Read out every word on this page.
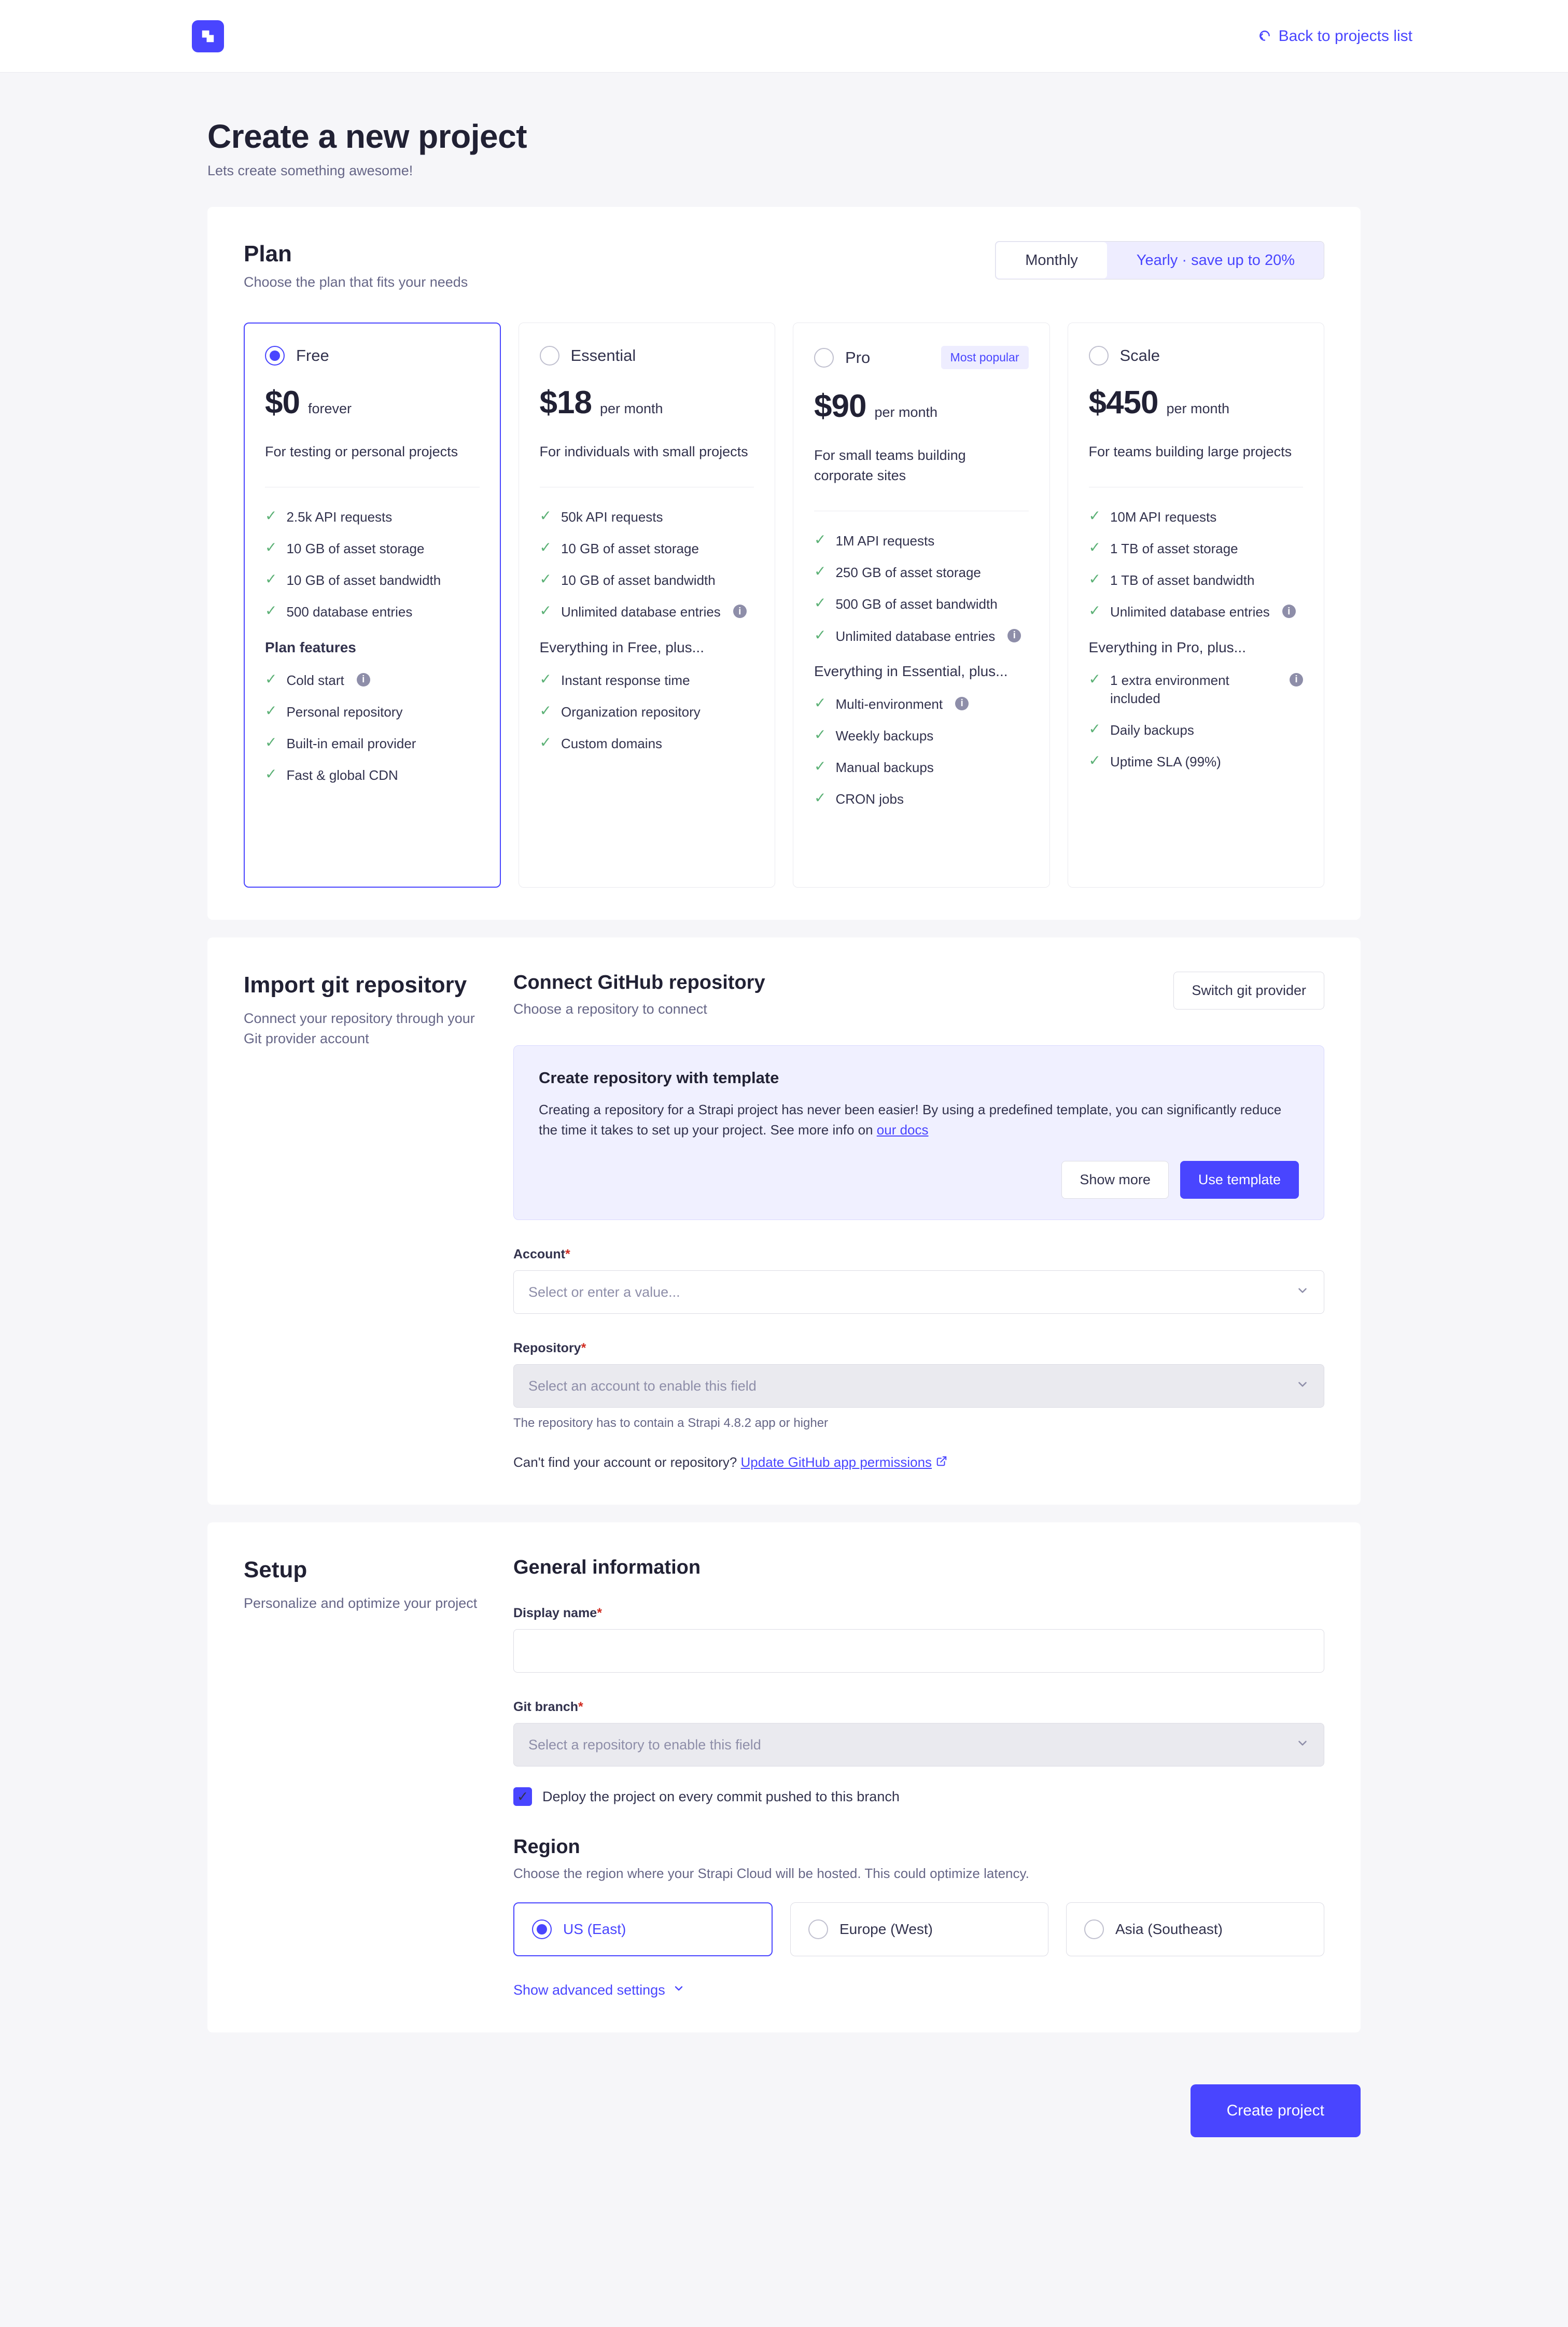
Back to projects list
Create a new project
Lets create something awesome!
Plan
Choose the plan that fits your needs
Monthly	Yearly · save up to 20%
Free
$0 forever
For testing or personal projects
✓ 2.5k API requests
✓ 10 GB of asset storage
✓ 10 GB of asset bandwidth
✓ 500 database entries
Plan features
✓ Cold start	i
✓ Personal repository
✓ Built-in email provider
✓ Fast & global CDN
Essential
$18 per month
For individuals with small projects
✓ 50k API requests
✓ 10 GB of asset storage
✓ 10 GB of asset bandwidth
✓ Unlimited database entries	i
Everything in Free, plus...
✓ Instant response time
✓ Organization repository
✓ Custom domains
Pro	Most popular
$90 per month
For small teams building corporate sites
✓ 1M API requests
✓ 250 GB of asset storage
✓ 500 GB of asset bandwidth
✓ Unlimited database entries	i
Everything in Essential, plus...
✓ Multi-environment	i
✓ Weekly backups
✓ Manual backups
✓ CRON jobs
Scale
$450 per month
For teams building large projects
✓ 10M API requests
✓ 1 TB of asset storage
✓ 1 TB of asset bandwidth
✓ Unlimited database entries	i
Everything in Pro, plus...
✓ 1 extra environment included
i
✓ Daily backups
✓ Uptime SLA (99%)
Import git repository

Connect your repository through your Git provider account

Connect GitHub repository
Choose a repository to connect
Switch git provider
Create repository with template
Creating a repository for a Strapi project has never been easier! By using a predefined template, you can significantly reduce the time it takes to set up your project. See more info on our docs
Show more	Use template
Account*
Select or enter a value...
Repository*
Select an account to enable this field
The repository has to contain a Strapi 4.8.2 app or higher
Can't find your account or repository? Update GitHub app permissions
Setup

Personalize and optimize your project

General information
Display name*
Git branch*
Select a repository to enable this field
✓ Deploy the project on every commit pushed to this branch
Region
Choose the region where your Strapi Cloud will be hosted. This could optimize latency.
US (East)	Europe (West)	Asia (Southeast)
Show advanced settings
Create project
